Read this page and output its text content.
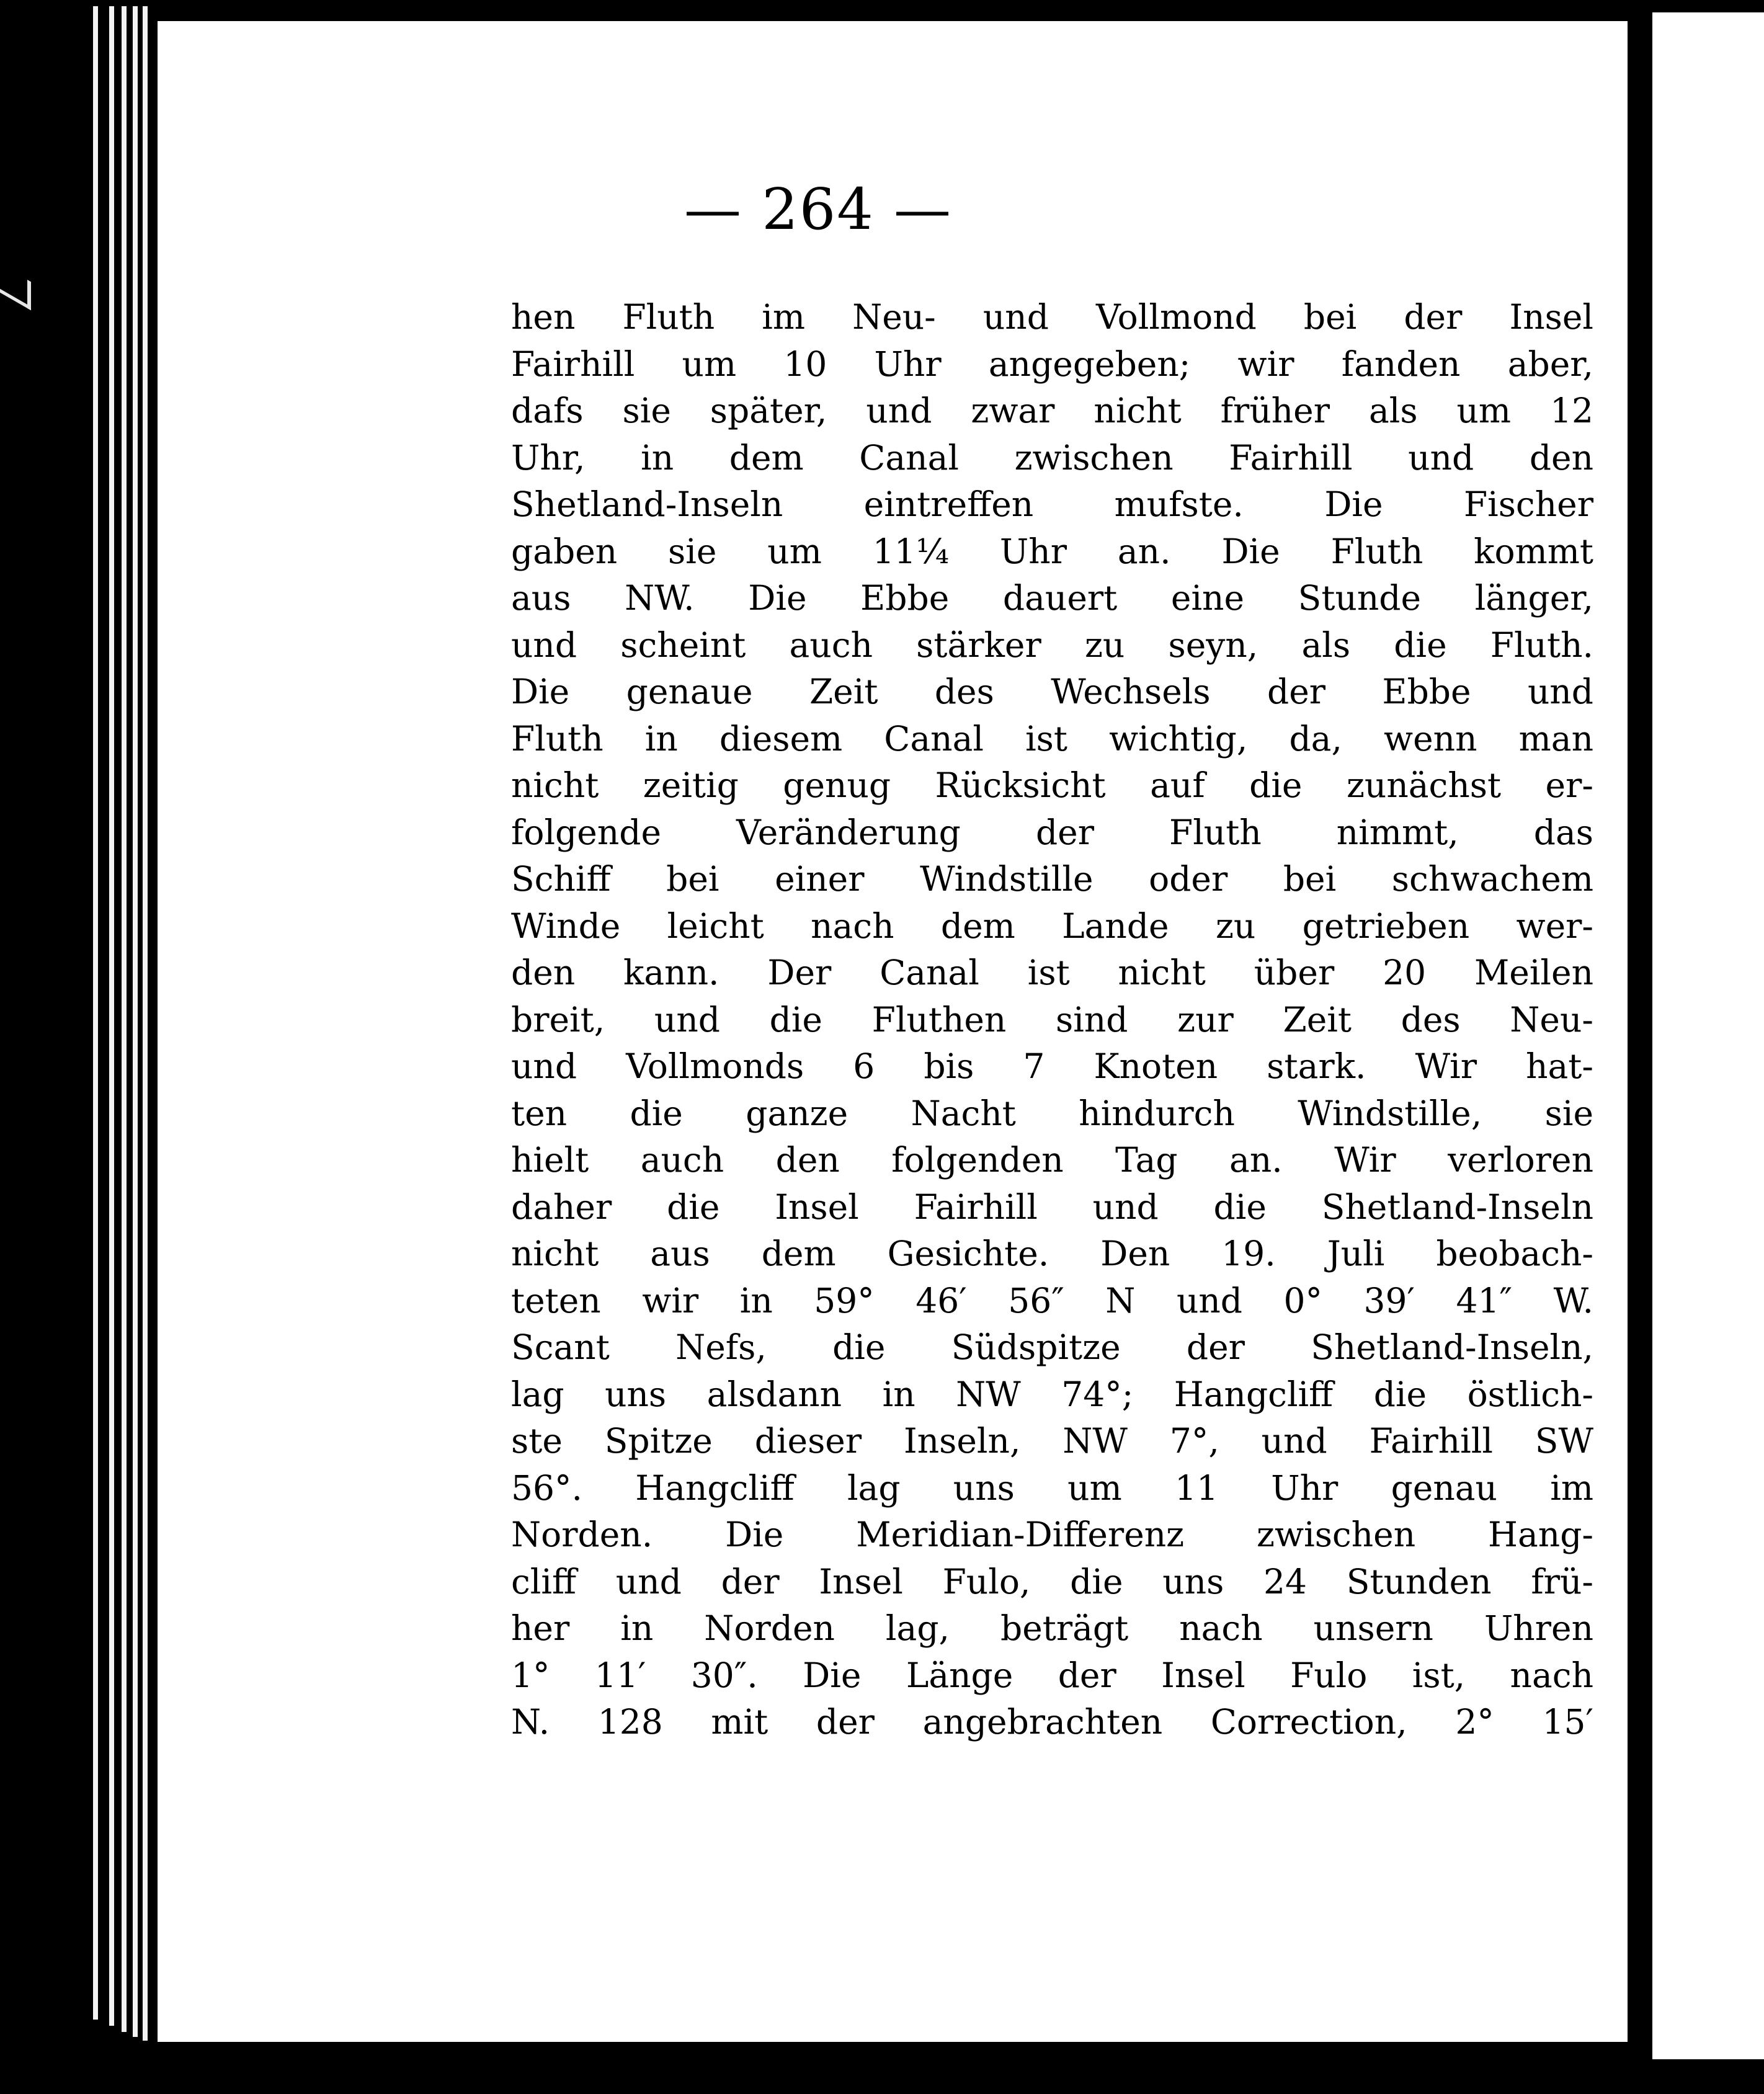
— 264 —
hen Fluth im Neu- und Vollmond bei der Insel
Fairhill um 10 Uhr angegeben; wir fanden aber,
dafs sie später, und zwar nicht früher als um 12
Uhr, in dem Canal zwischen Fairhill und den
Shetland-Inseln eintreffen mufste. Die Fischer
gaben sie um 11¼ Uhr an. Die Fluth kommt
aus NW. Die Ebbe dauert eine Stunde länger,
und scheint auch stärker zu seyn, als die Fluth.
Die genaue Zeit des Wechsels der Ebbe und
Fluth in diesem Canal ist wichtig, da, wenn man
nicht zeitig genug Rücksicht auf die zunächst er-
folgende Veränderung der Fluth nimmt, das
Schiff bei einer Windstille oder bei schwachem
Winde leicht nach dem Lande zu getrieben wer-
den kann. Der Canal ist nicht über 20 Meilen
breit, und die Fluthen sind zur Zeit des Neu-
und Vollmonds 6 bis 7 Knoten stark. Wir hat-
ten die ganze Nacht hindurch Windstille, sie
hielt auch den folgenden Tag an. Wir verloren
daher die Insel Fairhill und die Shetland-Inseln
nicht aus dem Gesichte. Den 19. Juli beobach-
teten wir in 59° 46′ 56″ N und 0° 39′ 41″ W.
Scant Nefs, die Südspitze der Shetland-Inseln,
lag uns alsdann in NW 74°; Hangcliff die östlich-
ste Spitze dieser Inseln, NW 7°, und Fairhill SW
56°. Hangcliff lag uns um 11 Uhr genau im
Norden. Die Meridian-Differenz zwischen Hang-
cliff und der Insel Fulo, die uns 24 Stunden frü-
her in Norden lag, beträgt nach unsern Uhren
1° 11′ 30″. Die Länge der Insel Fulo ist, nach
N. 128 mit der angebrachten Correction, 2° 15′
